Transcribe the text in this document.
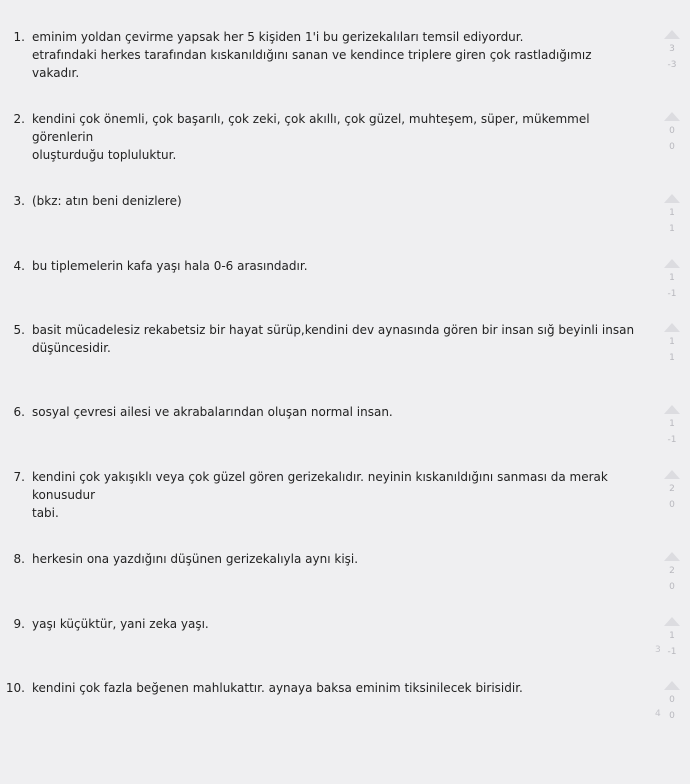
1. eminim yoldan çevirme yapsak her 5 kişiden 1'i bu gerizekalıları temsil ediyordur.
etrafındaki herkes tarafından kıskanıldığını sanan ve kendince triplere giren çok rastladığımız vakadır.
3
-3
2. kendini çok önemli, çok başarılı, çok zeki, çok akıllı, çok güzel, muhteşem, süper, mükemmel görenlerin
oluşturduğu topluluktur.
0
0
3. (bkz: atın beni denizlere)
1
1
4. bu tiplemelerin kafa yaşı hala 0-6 arasındadır.
1
-1
5. basit mücadelesiz rekabetsiz bir hayat sürüp,kendini dev aynasında gören bir insan sığ beyinli insan
düşüncesidir.	1
1
6. sosyal çevresi ailesi ve akrabalarından oluşan normal insan.
1
-1
7. kendini çok yakışıklı veya çok güzel gören gerizekalıdır. neyinin kıskanıldığını sanması da merak konusudur
tabi.
2
0
8. herkesin ona yazdığını düşünen gerizekalıyla aynı kişi.
2
0
9. yaşı küçüktür, yani zeka yaşı.
1
-1
10. kendini çok fazla beğenen mahlukattır. aynaya baksa eminim tiksinilecek birisidir.
0
0
3
4
